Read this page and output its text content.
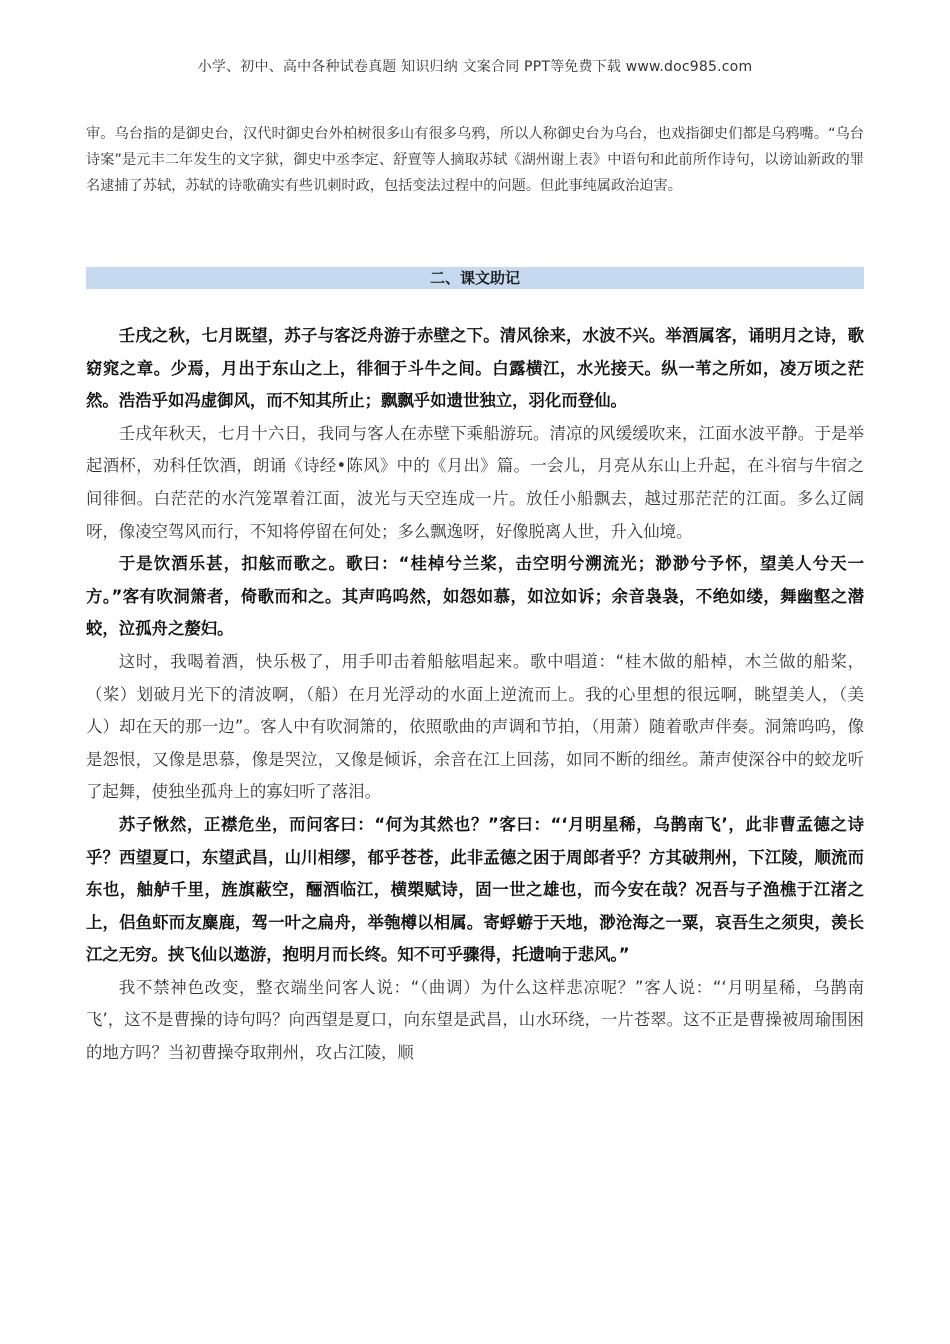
小学、初中、高中各种试卷真题 知识归纳 文案合同 PPT等免费下载 www.doc985.com

审。乌台指的是御史台，汉代时御史台外柏树很多山有很多乌鸦，所以人称御史台为乌台，也戏指御史们都是乌鸦嘴。“乌台诗案”是元丰二年发生的文字狱，御史中丞李定、舒亶等人摘取苏轼《湖州谢上表》中语句和此前所作诗句，以谤讪新政的罪名逮捕了苏轼，苏轼的诗歌确实有些讥刺时政，包括变法过程中的问题。但此事纯属政治迫害。

二、课文助记

壬戌之秋，七月既望，苏子与客泛舟游于赤壁之下。清风徐来，水波不兴。举酒属客，诵明月之诗，歌窈窕之章。少焉，月出于东山之上，徘徊于斗牛之间。白露横江，水光接天。纵一苇之所如，凌万顷之茫然。浩浩乎如冯虚御风，而不知其所止；飘飘乎如遗世独立，羽化而登仙。

壬戌年秋天，七月十六日，我同与客人在赤壁下乘船游玩。清凉的风缓缓吹来，江面水波平静。于是举起酒杯，劝科任饮酒，朗诵《诗经•陈风》中的《月出》篇。一会儿，月亮从东山上升起，在斗宿与牛宿之间徘徊。白茫茫的水汽笼罩着江面，波光与天空连成一片。放任小船飘去，越过那茫茫的江面。多么辽阔呀，像凌空驾风而行，不知将停留在何处；多么飘逸呀，好像脱离人世，升入仙境。

于是饮酒乐甚，扣舷而歌之。歌曰：“桂棹兮兰桨，击空明兮溯流光；渺渺兮予怀，望美人兮天一方。”客有吹洞箫者，倚歌而和之。其声呜呜然，如怨如慕，如泣如诉；余音袅袅，不绝如缕，舞幽壑之潜蛟，泣孤舟之嫠妇。

这时，我喝着酒，快乐极了，用手叩击着船舷唱起来。歌中唱道：“桂木做的船棹，木兰做的船桨，（桨）划破月光下的清波啊，（船）在月光浮动的水面上逆流而上。我的心里想的很远啊，眺望美人，（美人）却在天的那一边”。客人中有吹洞箫的，依照歌曲的声调和节拍，（用萧）随着歌声伴奏。洞箫呜呜，像是怨恨，又像是思慕，像是哭泣，又像是倾诉，余音在江上回荡，如同不断的细丝。萧声使深谷中的蛟龙听了起舞，使独坐孤舟上的寡妇听了落泪。

苏子愀然，正襟危坐，而问客曰：“何为其然也？”客曰：“‘月明星稀，乌鹊南飞’，此非曹孟德之诗乎？西望夏口，东望武昌，山川相缪，郁乎苍苍，此非孟德之困于周郎者乎？方其破荆州，下江陵，顺流而东也，舳舻千里，旌旗蔽空，酾酒临江，横槊赋诗，固一世之雄也，而今安在哉？况吾与子渔樵于江渚之上，侣鱼虾而友麋鹿，驾一叶之扁舟，举匏樽以相属。寄蜉蝣于天地，渺沧海之一粟，哀吾生之须臾，羡长江之无穷。挟飞仙以遨游，抱明月而长终。知不可乎骤得，托遗响于悲风。”

我不禁神色改变，整衣端坐问客人说：“（曲调）为什么这样悲凉呢？”客人说：“‘月明星稀，乌鹊南飞’，这不是曹操的诗句吗？向西望是夏口，向东望是武昌，山水环绕，一片苍翠。这不正是曹操被周瑜围困的地方吗？当初曹操夺取荆州，攻占江陵，顺
